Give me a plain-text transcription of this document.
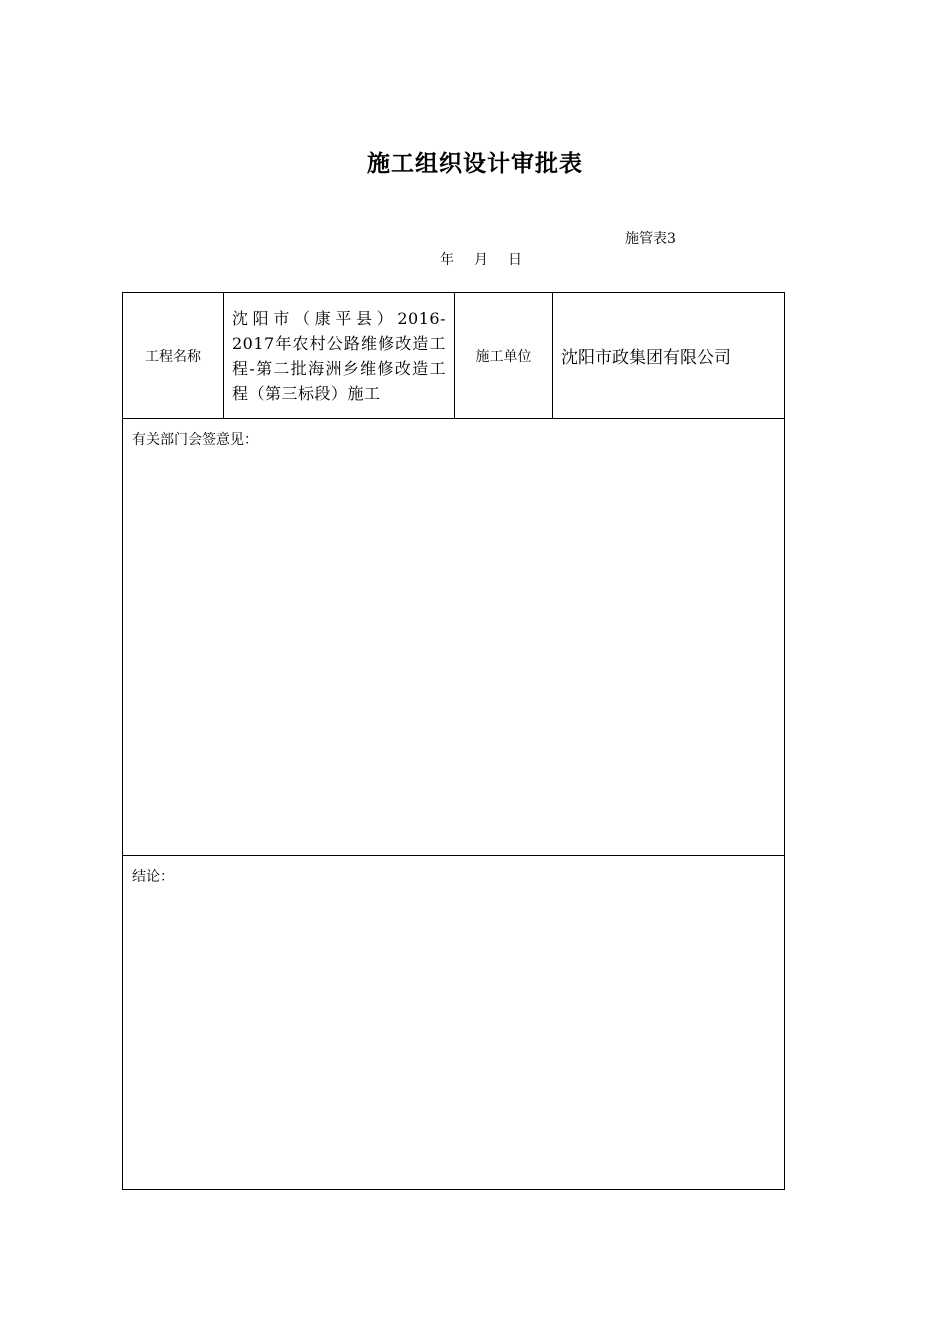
施工组织设计审批表
施管表3
年 月 日
工程名称	沈阳市（康平县）2016-2017年农村公路维修改造工程-第二批海洲乡维修改造工程（第三标段）施工	施工单位	沈阳市政集团有限公司
有关部门会签意见：
结论：
